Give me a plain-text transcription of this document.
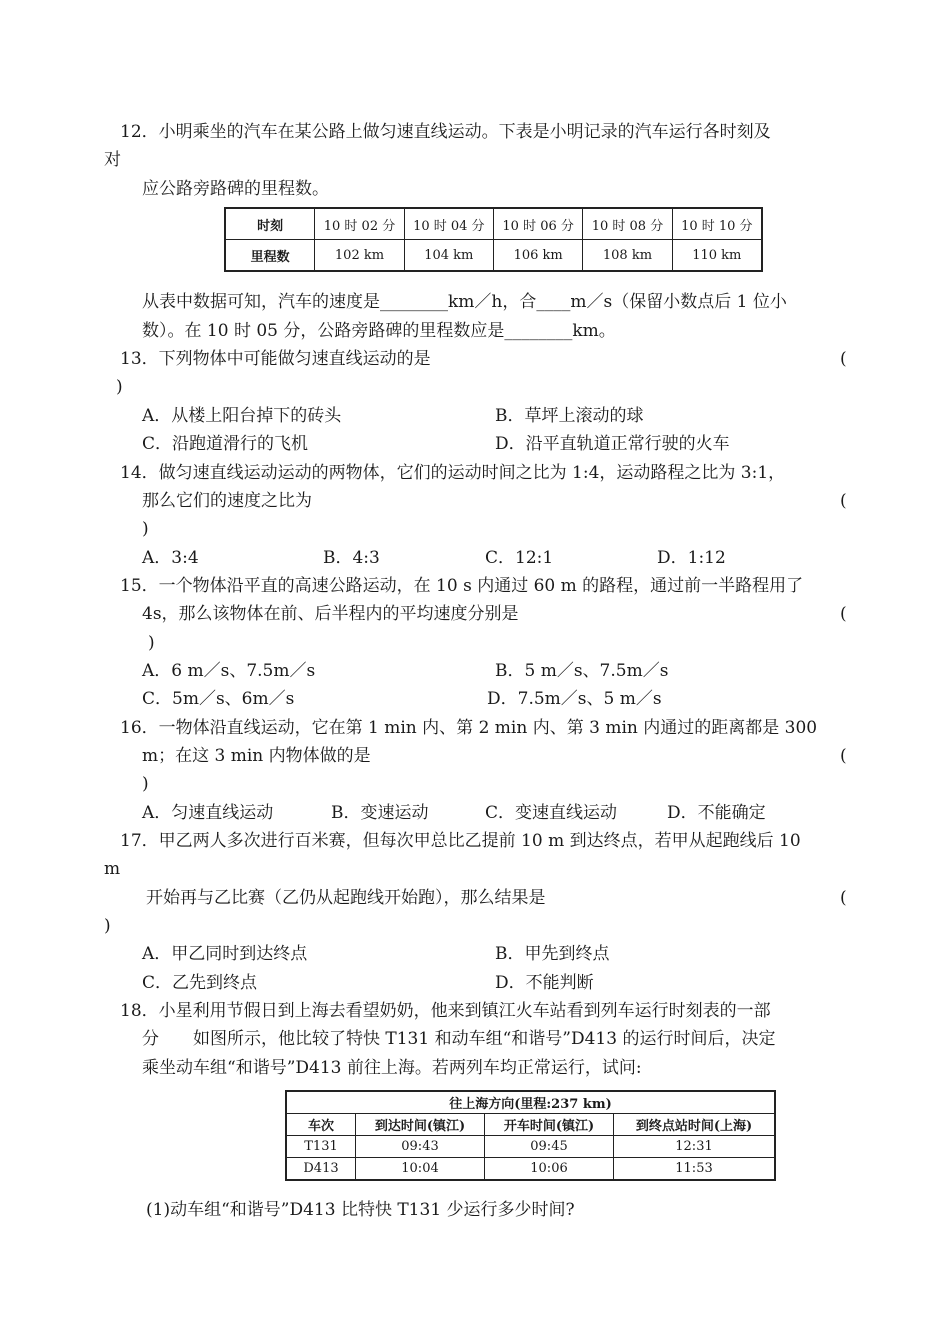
12．小明乘坐的汽车在某公路上做匀速直线运动。下表是小明记录的汽车运行各时刻及
对
应公路旁路碑的里程数。
时刻	10 时 02 分	10 时 04 分	10 时 06 分	10 时 08 分	10 时 10 分
里程数	102 km	104 km	106 km	108 km	110 km
从表中数据可知，汽车的速度是________km／h，合____m／s（保留小数点后 1 位小
数）。在 10 时 05 分，公路旁路碑的里程数应是________km。
13．下列物体中可能做匀速直线运动的是	(
)
A．从楼上阳台掉下的砖头	B．草坪上滚动的球
C．沿跑道滑行的飞机	D．沿平直轨道正常行驶的火车
14．做匀速直线运动运动的两物体，它们的运动时间之比为 1:4，运动路程之比为 3:1，
那么它们的速度之比为	(
)
A．3:4	B．4:3	C．12:1	D．1:12
15．一个物体沿平直的高速公路运动，在 10 s 内通过 60 m 的路程，通过前一半路程用了
4s，那么该物体在前、后半程内的平均速度分别是	(
)
A．6 m／s、7.5m／s	B．5 m／s、7.5m／s
C．5m／s、6m／s	D．7.5m／s、5 m／s
16．一物体沿直线运动，它在第 1 min 内、第 2 min 内、第 3 min 内通过的距离都是 300
m；在这 3 min 内物体做的是	(
)
A．匀速直线运动	B．变速运动	C．变速直线运动	D．不能确定
17．甲乙两人多次进行百米赛，但每次甲总比乙提前 10 m 到达终点，若甲从起跑线后 10
m
开始再与乙比赛（乙仍从起跑线开始跑），那么结果是	(
)
A．甲乙同时到达终点	B．甲先到终点
C．乙先到终点	D．不能判断
18．小星利用节假日到上海去看望奶奶，他来到镇江火车站看到列车运行时刻表的一部
分　　如图所示，他比较了特快 T131 和动车组“和谐号”D413 的运行时间后，决定
乘坐动车组“和谐号”D413 前往上海。若两列车均正常运行，试问:
往上海方向(里程:237 km)			
车次	到达时间(镇江)	开车时间(镇江)	到终点站时间(上海)
T131	09:43	09:45	12:31
D413	10:04	10:06	11:53
(1)动车组“和谐号”D413 比特快 T131 少运行多少时间?
